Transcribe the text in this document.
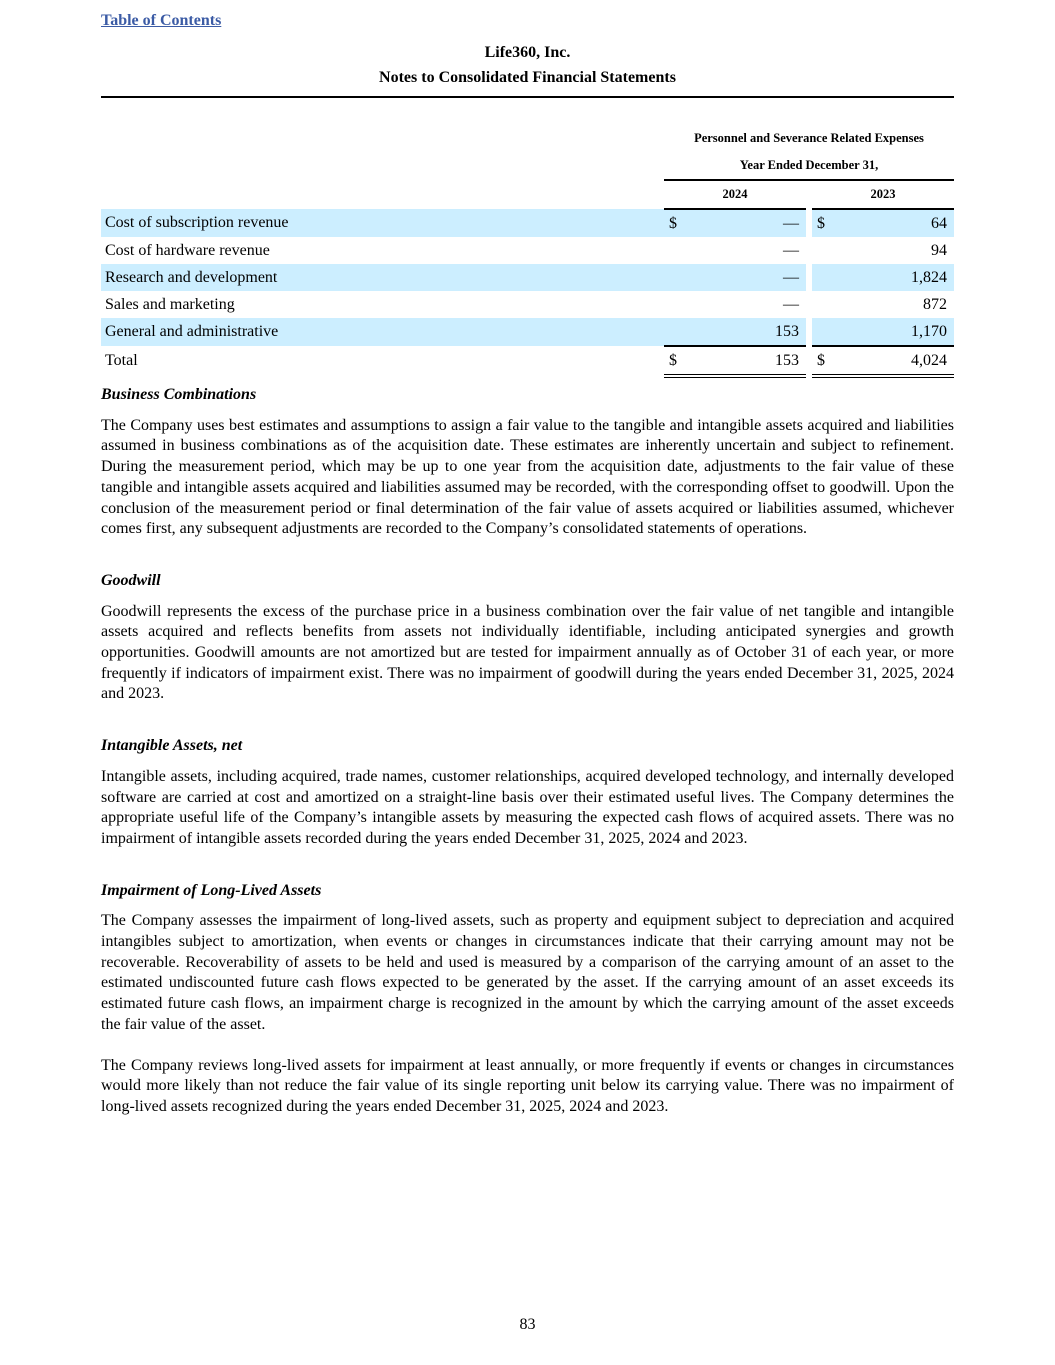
Table of Contents
Life360, Inc.
Notes to Consolidated Financial Statements
	Personnel and Severance Related Expenses				
	Year Ended December 31,				
	2024			2023	
Cost of subscription revenue	$	—		$	64
Cost of hardware revenue		—			94
Research and development		—			1,824
Sales and marketing		—			872
General and administrative		153			1,170
Total	$	153		$	4,024
Business Combinations

The Company uses best estimates and assumptions to assign a fair value to the tangible and intangible assets acquired and liabilities assumed in business combinations as of the acquisition date. These estimates are inherently uncertain and subject to refinement. During the measurement period, which may be up to one year from the acquisition date, adjustments to the fair value of these tangible and intangible assets acquired and liabilities assumed may be recorded, with the corresponding offset to goodwill. Upon the conclusion of the measurement period or final determination of the fair value of assets acquired or liabilities assumed, whichever comes first, any subsequent adjustments are recorded to the Company’s consolidated statements of operations.

Goodwill

Goodwill represents the excess of the purchase price in a business combination over the fair value of net tangible and intangible assets acquired and reflects benefits from assets not individually identifiable, including anticipated synergies and growth opportunities. Goodwill amounts are not amortized but are tested for impairment annually as of October 31 of each year, or more frequently if indicators of impairment exist. There was no impairment of goodwill during the years ended December 31, 2025, 2024 and 2023.

Intangible Assets, net

Intangible assets, including acquired, trade names, customer relationships, acquired developed technology, and internally developed software are carried at cost and amortized on a straight-line basis over their estimated useful lives. The Company determines the appropriate useful life of the Company’s intangible assets by measuring the expected cash flows of acquired assets. There was no impairment of intangible assets recorded during the years ended December 31, 2025, 2024 and 2023.

Impairment of Long-Lived Assets

The Company assesses the impairment of long-lived assets, such as property and equipment subject to depreciation and acquired intangibles subject to amortization, when events or changes in circumstances indicate that their carrying amount may not be recoverable. Recoverability of assets to be held and used is measured by a comparison of the carrying amount of an asset to the estimated undiscounted future cash flows expected to be generated by the asset. If the carrying amount of an asset exceeds its estimated future cash flows, an impairment charge is recognized in the amount by which the carrying amount of the asset exceeds the fair value of the asset.

The Company reviews long-lived assets for impairment at least annually, or more frequently if events or changes in circumstances would more likely than not reduce the fair value of its single reporting unit below its carrying value. There was no impairment of long-lived assets recognized during the years ended December 31, 2025, 2024 and 2023.

83
